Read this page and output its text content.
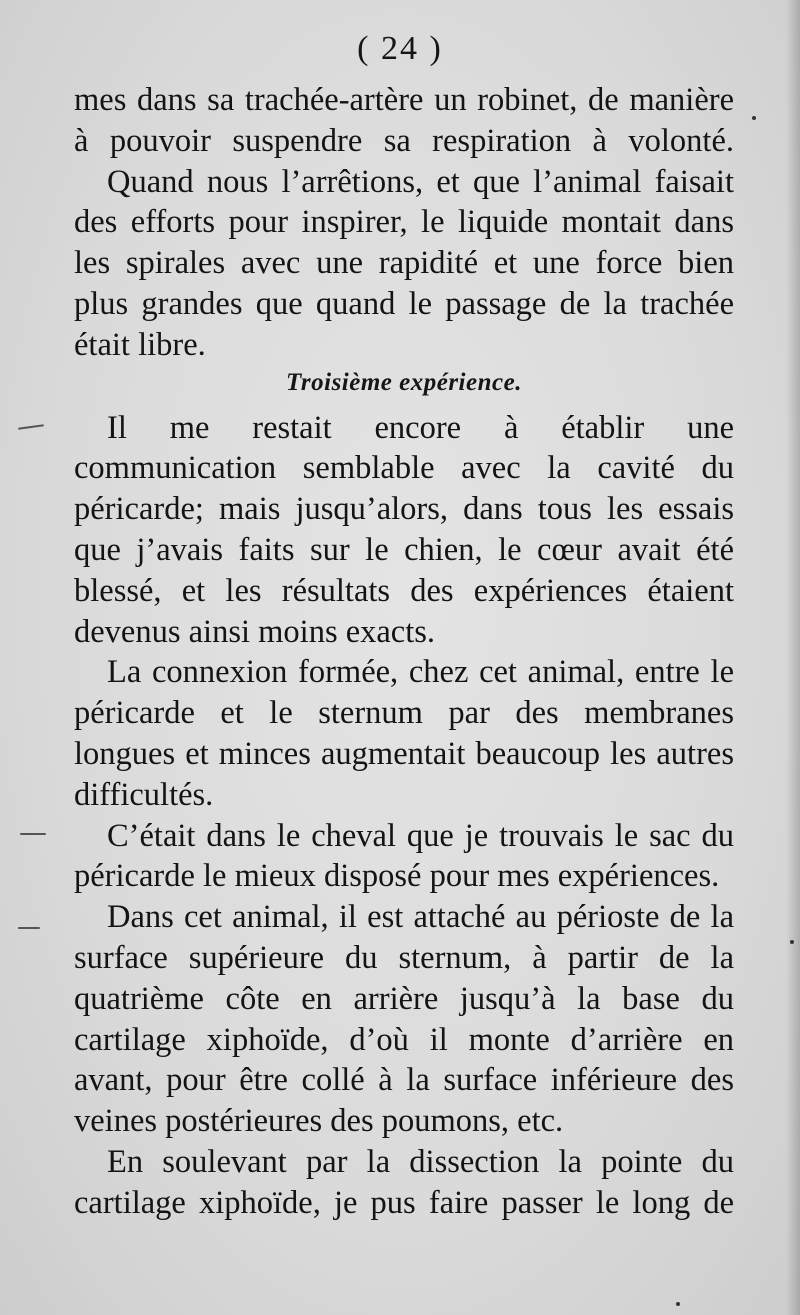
( 24 )

mes dans sa trachée-artère un robinet, de manière à pouvoir suspendre sa respiration à volonté.

Quand nous l’arrêtions, et que l’animal faisait des efforts pour inspirer, le liquide montait dans les spirales avec une rapidité et une force bien plus grandes que quand le passage de la trachée était libre.

Troisième expérience.

Il me restait encore à établir une communication semblable avec la cavité du péricarde; mais jusqu’alors, dans tous les essais que j’avais faits sur le chien, le cœur avait été blessé, et les résultats des expériences étaient devenus ainsi moins exacts.

La connexion formée, chez cet animal, entre le péricarde et le sternum par des membranes longues et minces augmentait beaucoup les autres difficultés.

C’était dans le cheval que je trouvais le sac du péricarde le mieux disposé pour mes expériences.

Dans cet animal, il est attaché au périoste de la surface supérieure du sternum, à partir de la quatrième côte en arrière jusqu’à la base du cartilage xiphoïde, d’où il monte d’arrière en avant, pour être collé à la surface inférieure des veines postérieures des poumons, etc.

En soulevant par la dissection la pointe du cartilage xiphoïde, je pus faire passer le long de
